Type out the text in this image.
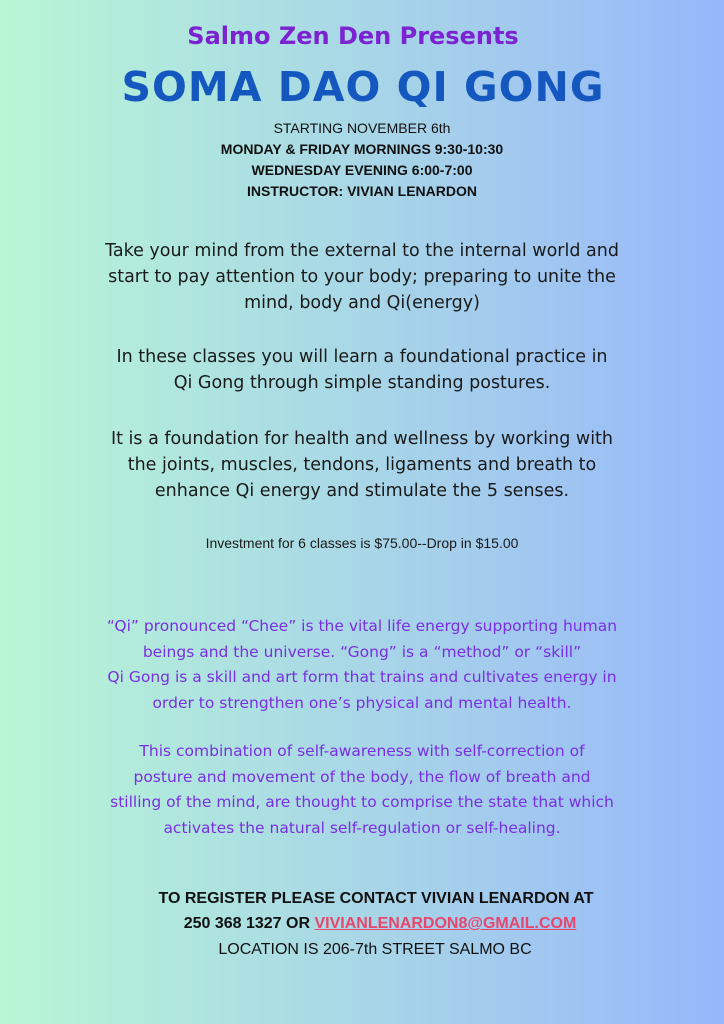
Salmo Zen Den Presents
SOMA DAO QI GONG
STARTING NOVEMBER 6th
MONDAY & FRIDAY MORNINGS 9:30-10:30
WEDNESDAY EVENING 6:00-7:00
INSTRUCTOR: VIVIAN LENARDON
Take your mind from the external to the internal world and
start to pay attention to your body; preparing to unite the
mind, body and Qi(energy)
In these classes you will learn a foundational practice in
Qi Gong through simple standing postures.
It is a foundation for health and wellness by working with
the joints, muscles, tendons, ligaments and breath to
enhance Qi energy and stimulate the 5 senses.
Investment for 6 classes is $75.00--Drop in $15.00
“Qi” pronounced “Chee” is the vital life energy supporting human
beings and the universe. “Gong” is a “method” or “skill”
Qi Gong is a skill and art form that trains and cultivates energy in
order to strengthen one’s physical and mental health.
This combination of self-awareness with self-correction of
posture and movement of the body, the flow of breath and
stilling of the mind, are thought to comprise the state that which
activates the natural self-regulation or self-healing.
TO REGISTER PLEASE CONTACT VIVIAN LENARDON AT
250 368 1327 OR VIVIANLENARDON8@GMAIL.COM
LOCATION IS 206-7th STREET SALMO BC
